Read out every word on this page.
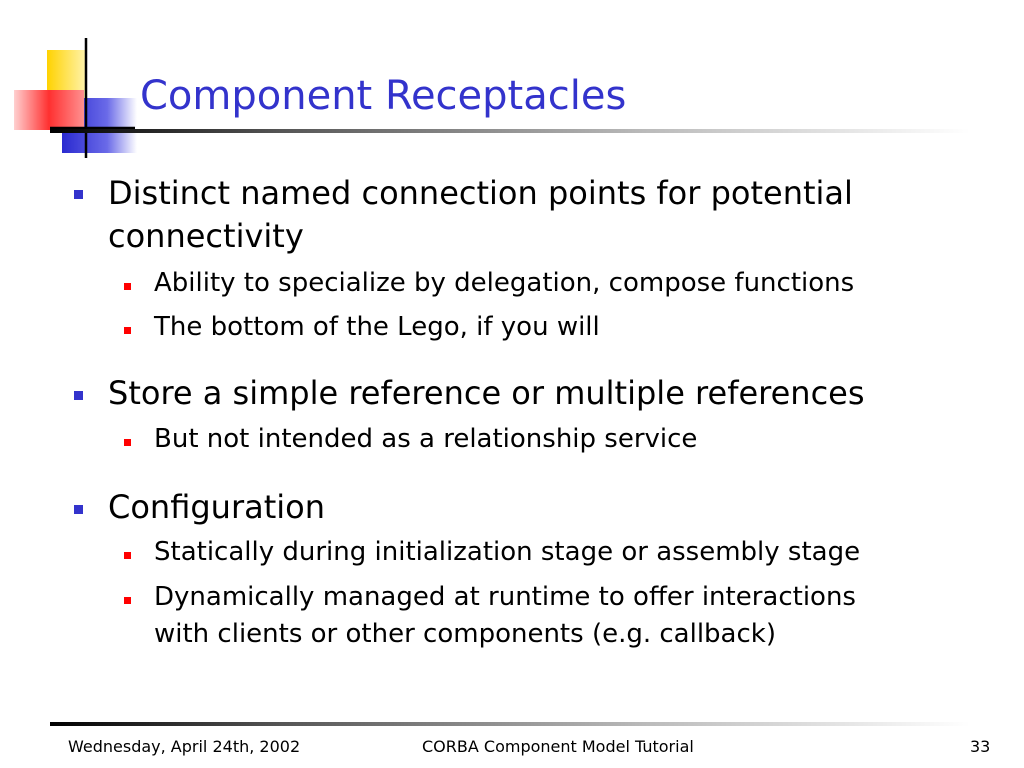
Component Receptacles
Distinct named connection points for potential
connectivity
Ability to specialize by delegation, compose functions
The bottom of the Lego, if you will
Store a simple reference or multiple references
But not intended as a relationship service
Configuration
Statically during initialization stage or assembly stage
Dynamically managed at runtime to offer interactions
with clients or other components (e.g. callback)
Wednesday, April 24th, 2002	CORBA Component Model Tutorial	33
